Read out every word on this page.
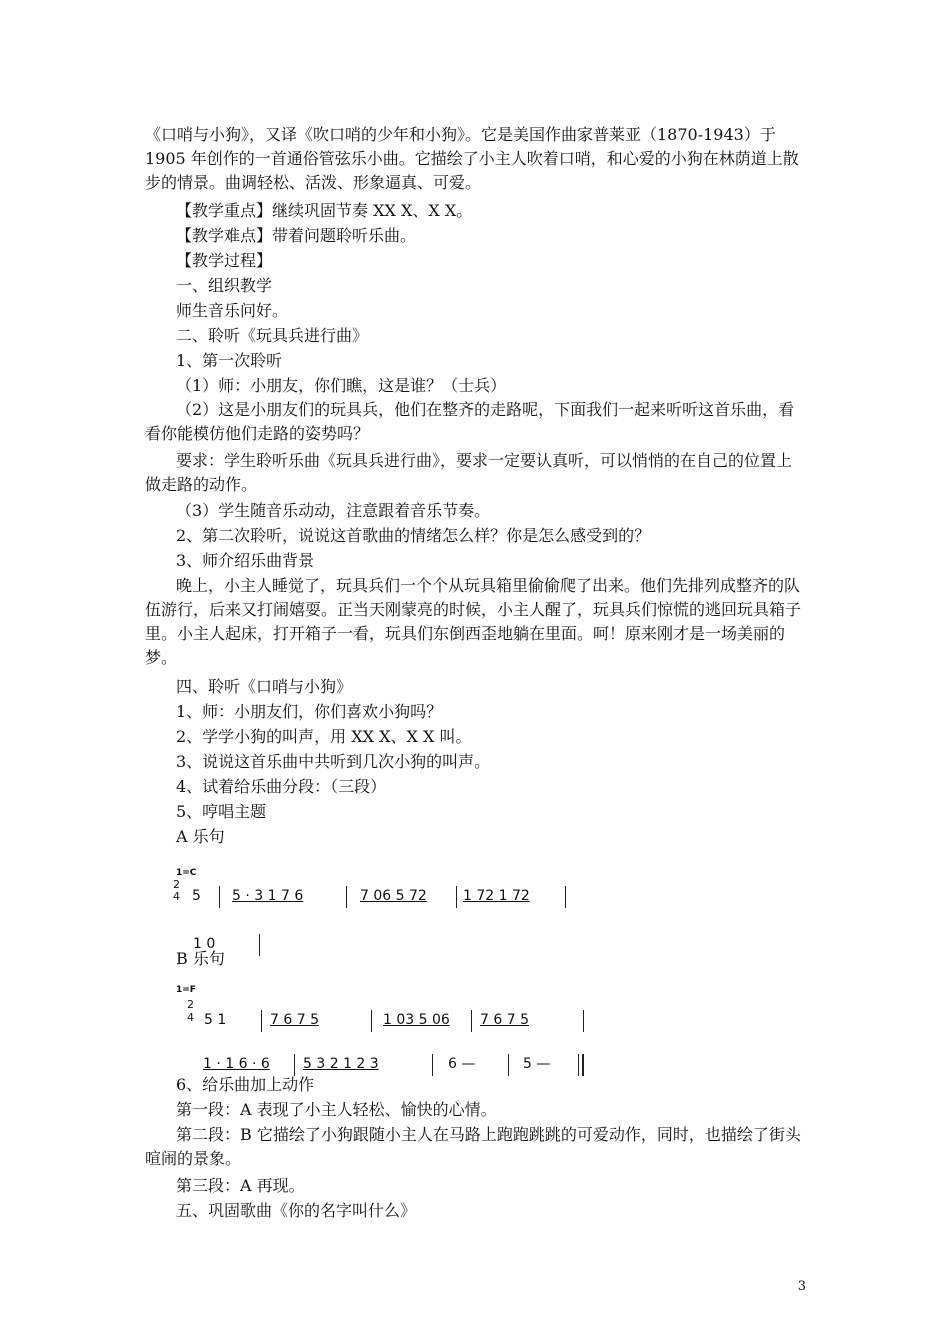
《口哨与小狗》，又译《吹口哨的少年和小狗》。它是美国作曲家普莱亚（1870-1943）于 1905 年创作的一首通俗管弦乐小曲。它描绘了小主人吹着口哨，和心爱的小狗在林荫道上散步的情景。曲调轻松、活泼、形象逼真、可爱。
【教学重点】继续巩固节奏 XX X、X X。
【教学难点】带着问题聆听乐曲。
【教学过程】
一、组织教学
师生音乐问好。
二、聆听《玩具兵进行曲》
1、第一次聆听
（1）师：小朋友，你们瞧，这是谁？（士兵）
（2）这是小朋友们的玩具兵，他们在整齐的走路呢，下面我们一起来听听这首乐曲，看看你能模仿他们走路的姿势吗？
要求：学生聆听乐曲《玩具兵进行曲》，要求一定要认真听，可以悄悄的在自己的位置上做走路的动作。
（3）学生随音乐动动，注意跟着音乐节奏。
2、第二次聆听，说说这首歌曲的情绪怎么样？你是怎么感受到的？
3、师介绍乐曲背景
晚上，小主人睡觉了，玩具兵们一个个从玩具箱里偷偷爬了出来。他们先排列成整齐的队伍游行，后来又打闹嬉耍。正当天刚蒙亮的时候，小主人醒了，玩具兵们惊慌的逃回玩具箱子里。小主人起床，打开箱子一看，玩具们东倒西歪地躺在里面。呵！原来刚才是一场美丽的梦。
四、聆听《口哨与小狗》
1、师：小朋友们，你们喜欢小狗吗？
2、学学小狗的叫声，用 XX X、X X 叫。
3、说说这首乐曲中共听到几次小狗的叫声。
4、试着给乐曲分段：（三段）
5、哼唱主题
A 乐句
1=C
2
4 5 5 · 3 1 7 6	7 06 5 72	1 72 1 72
1 0
B 乐句
1=F
2
4 5 1	7 6 7 5	1 03 5 06 7 6 7 5
1 · 1 6 · 6 5 3 2 1 2 3	6 —	5 —
6、给乐曲加上动作
第一段：A 表现了小主人轻松、愉快的心情。
第二段：B 它描绘了小狗跟随小主人在马路上跑跑跳跳的可爱动作，同时，也描绘了街头喧闹的景象。
第三段：A 再现。
五、巩固歌曲《你的名字叫什么》
3
